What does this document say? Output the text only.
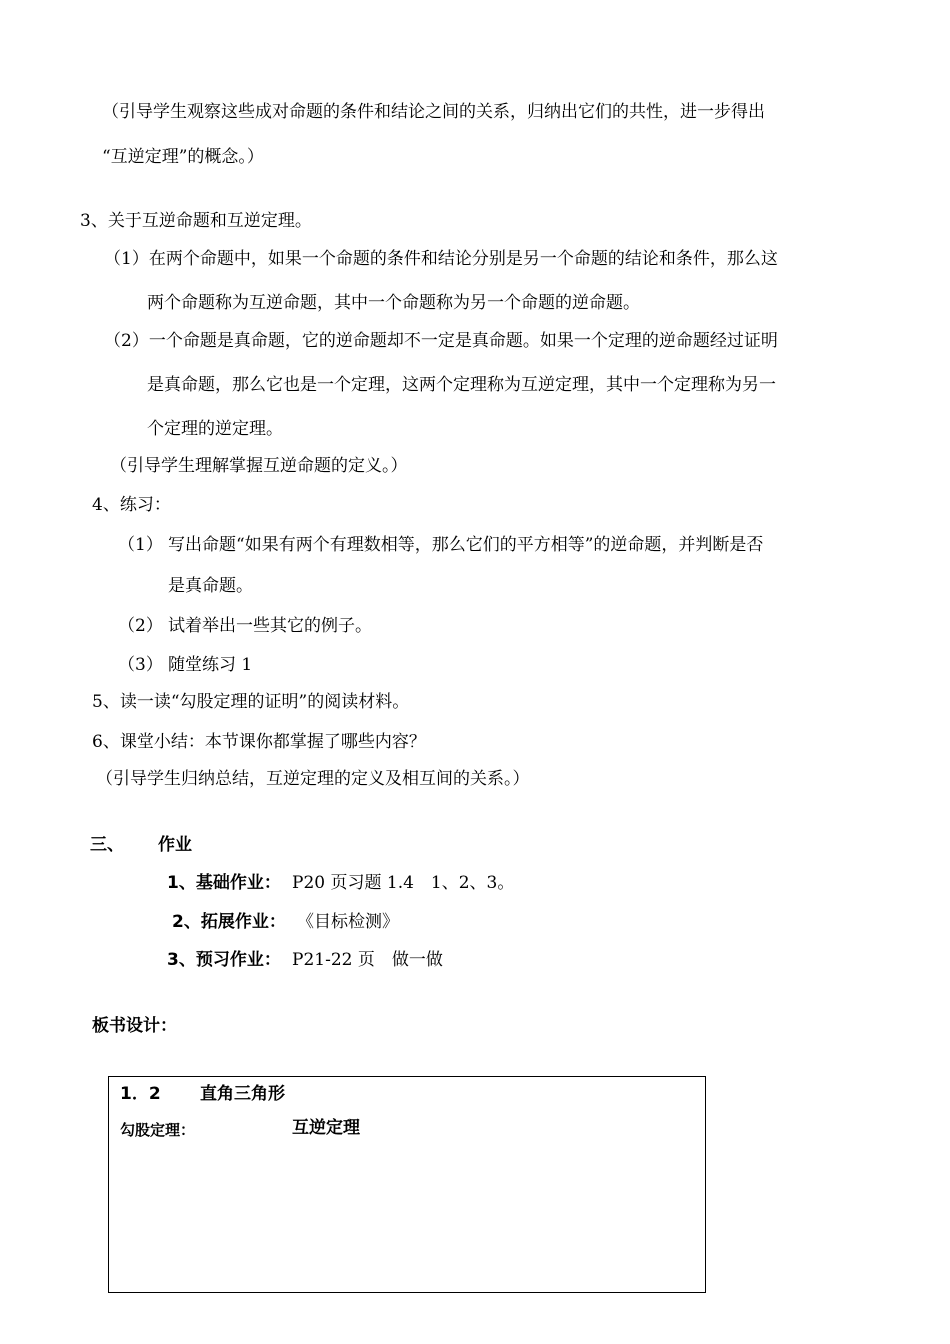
（引导学生观察这些成对命题的条件和结论之间的关系，归纳出它们的共性，进一步得出
“互逆定理”的概念。）
3、关于互逆命题和互逆定理。
（1）在两个命题中，如果一个命题的条件和结论分别是另一个命题的结论和条件，那么这
两个命题称为互逆命题，其中一个命题称为另一个命题的逆命题。
（2）一个命题是真命题，它的逆命题却不一定是真命题。如果一个定理的逆命题经过证明
是真命题，那么它也是一个定理，这两个定理称为互逆定理，其中一个定理称为另一
个定理的逆定理。
（引导学生理解掌握互逆命题的定义。）
4、练习：
（1） 写出命题“如果有两个有理数相等，那么它们的平方相等”的逆命题，并判断是否
是真命题。
（2） 试着举出一些其它的例子。
（3） 随堂练习 1
5、读一读“勾股定理的证明”的阅读材料。
6、课堂小结：本节课你都掌握了哪些内容？
（引导学生归纳总结，互逆定理的定义及相互间的关系。）
三、 作业
1、基础作业： P20 页习题 1.4　1、2、3。
2、拓展作业： 《目标检测》
3、预习作业： P21-22 页　做一做
板书设计：
1．2 直角三角形
勾股定理：	互逆定理
